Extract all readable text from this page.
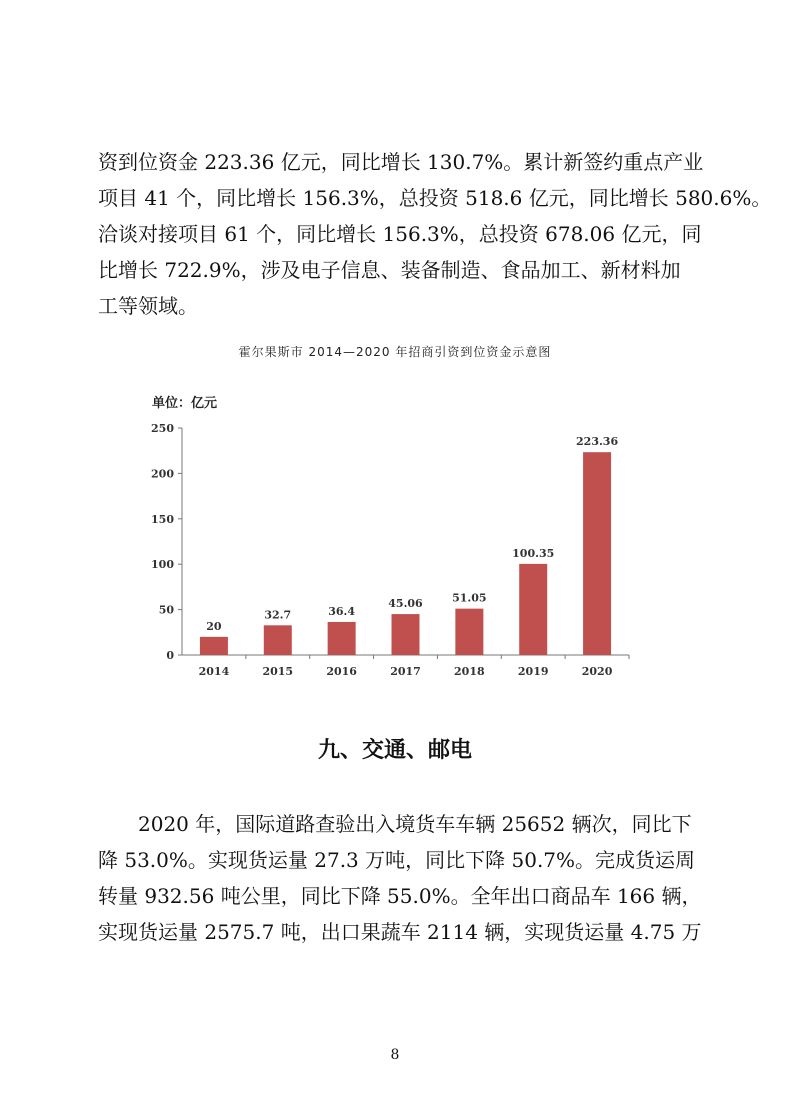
资到位资金 223.36 亿元，同比增长 130.7%。累计新签约重点产业
项目 41 个，同比增长 156.3%，总投资 518.6 亿元，同比增长 580.6%。
洽谈对接项目 61 个，同比增长 156.3%，总投资 678.06 亿元，同
比增长 722.9%，涉及电子信息、装备制造、食品加工、新材料加
工等领域。
霍尔果斯市 2014—2020 年招商引资到位资金示意图
单位：亿元
0
50
100
150
200
250
20
2014
32.7
2015
36.4
2016
45.06
2017
51.05
2018
100.35
2019
223.36
2020
九、交通、邮电
2020 年，国际道路查验出入境货车车辆 25652 辆次，同比下
降 53.0%。实现货运量 27.3 万吨，同比下降 50.7%。完成货运周
转量 932.56 吨公里，同比下降 55.0%。全年出口商品车 166 辆，
实现货运量 2575.7 吨，出口果蔬车 2114 辆，实现货运量 4.75 万
8
